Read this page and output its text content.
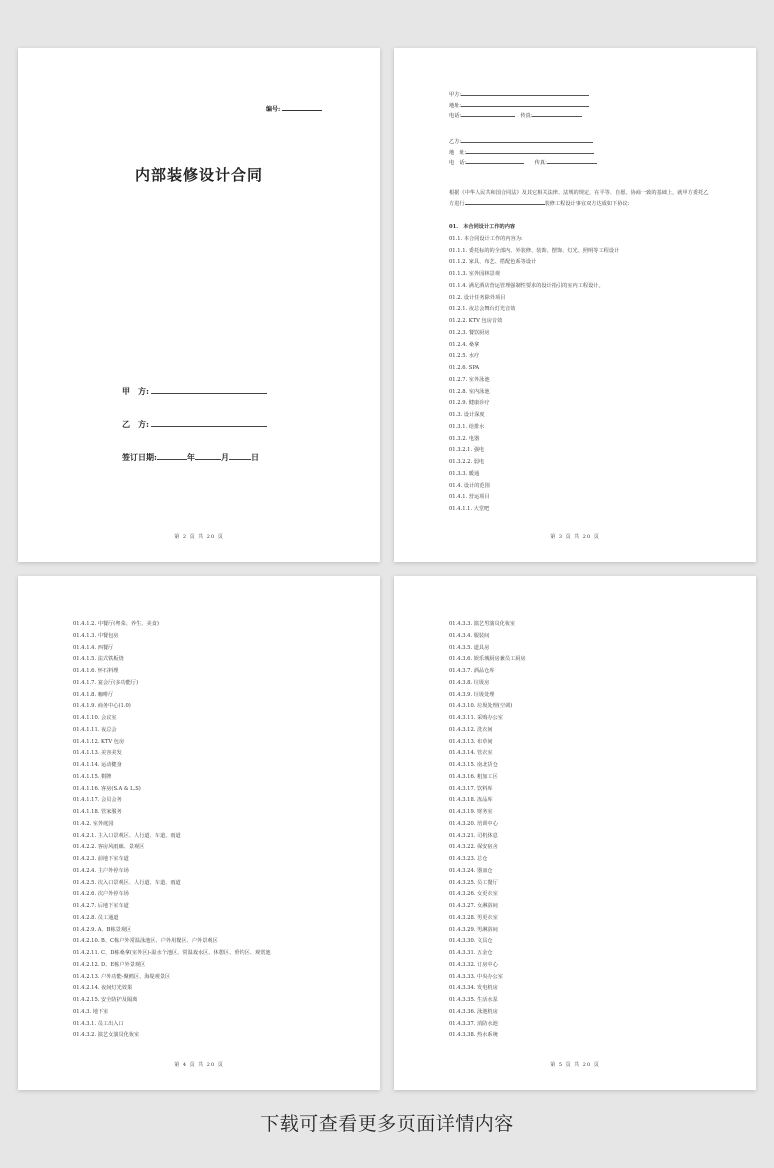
编号:
内部装修设计合同
甲　方:
乙　方:
签订日期:	年	月	日
第 2 页 共 20 页
甲方:
地址:
电话:　	传真:
乙方:
地　址:
电　话:　　	传真:
根据《中华人民共和国合同法》及其它相关法律、法规的规定，在平等、自愿、协商一致的基础上，就甲方委托乙方进行	装修工程设计事宜双方达成如下协议:
01.　本合同设计工作的内容
01.1. 本合同设计工作的内容为:
01.1.1. 委托标的的全部内、外装修、装饰、摆饰、灯光、照明等工程设计
01.1.2. 家具、布艺、搭配色系等设计
01.1.3. 室外园林景观
01.1.4. 满足酒店营运管理强制性要求的设计指引的室内工程设计。
01.2. 设计任务除外项目
01.2.1. 夜总会舞台灯光音效
01.2.2. KTV 包房音效
01.2.3. 餐饮厨房
01.2.4. 桑拿
01.2.5. 水疗
01.2.6. SPA
01.2.7. 室外泳池
01.2.8. 室内泳池
01.2.9. 健康诊疗
01.3. 设计深度
01.3.1. 给排水
01.3.2. 电器
01.3.2.1. 强电
01.3.2.2. 弱电
01.3.3. 暖通
01.4. 设计的范围
01.4.1. 营运项目
01.4.1.1. 大堂吧
第 3 页 共 20 页
01.4.1.2. 中餐厅(粤菜、养生、美食)
01.4.1.3. 中餐包房
01.4.1.4. 西餐厅
01.4.1.5. 法式铁板烧
01.4.1.6. 怀石料理
01.4.1.7. 宴会厅(多功能厅)
01.4.1.8. 咖啡厅
01.4.1.9. 商务中心(1.0)
01.4.1.10. 会议室
01.4.1.11. 夜总会
01.4.1.12. KTV 包房
01.4.1.13. 美容美发
01.4.1.14. 运动健身
01.4.1.15. 棋牌
01.4.1.16. 客房(S.A & L.S)
01.4.1.17. 会员会务
01.4.1.18. 管家服务
01.4.2. 室外庭园
01.4.2.1. 主入口景观区、人行道、车道、雨道
01.4.2.2. 客房风雨廊、景观区
01.4.2.3. 前地下室车道
01.4.2.4. 主户外停车场
01.4.2.5. 次入口景观区、人行道、车道、雨道
01.4.2.6. 次户外停车场
01.4.2.7. 后地下室车道
01.4.2.8. 员工通道
01.4.2.9. A、B栋景观区
01.4.2.10. B、C栋户外常温泳池区、户外用餐区、户外景观区
01.4.2.11. C、D栋桑拿(室外区)-温水个池区、常温戏水区、休憩区、垂钓区、观赏池
01.4.2.12. D、E栋户外景观区
01.4.2.13. 户外功能-聚鸥区、海堤观景区
01.4.2.14. 夜间灯光效果
01.4.2.15. 安全防护及隔离
01.4.3. 地下室
01.4.3.1. 员工出入口
01.4.3.2. 演艺女演员化妆室
第 4 页 共 20 页
01.4.3.3. 演艺男演员化妆室
01.4.3.4. 服装间
01.4.3.5. 道具房
01.4.3.6. 娱乐城厨房兼员工厨房
01.4.3.7. 酒品仓库
01.4.3.8. 垃圾房
01.4.3.9. 垃圾处理
01.4.3.10. 垃圾处理(空调)
01.4.3.11. 采购办公室
01.4.3.12. 洗衣间
01.4.3.13. 布草间
01.4.3.14. 管衣室
01.4.3.15. 南北货仓
01.4.3.16. 粗加工区
01.4.3.17. 饮料库
01.4.3.18. 冻品库
01.4.3.19. 财务室
01.4.3.20. 培训中心
01.4.3.21. 司机休息
01.4.3.22. 保安宿舍
01.4.3.23. 总仓
01.4.3.24. 器皿仓
01.4.3.25. 员工餐厅
01.4.3.26. 女更衣室
01.4.3.27. 女淋浴间
01.4.3.28. 男更衣室
01.4.3.29. 男淋浴间
01.4.3.30. 文具仓
01.4.3.31. 五金仓
01.4.3.32. 订房中心
01.4.3.33. 中央办公室
01.4.3.34. 发电机房
01.4.3.35. 生活水泵
01.4.3.36. 泳池机房
01.4.3.37. 消防水池
01.4.3.38. 热水系统
第 5 页 共 20 页
下载可查看更多页面详情内容
